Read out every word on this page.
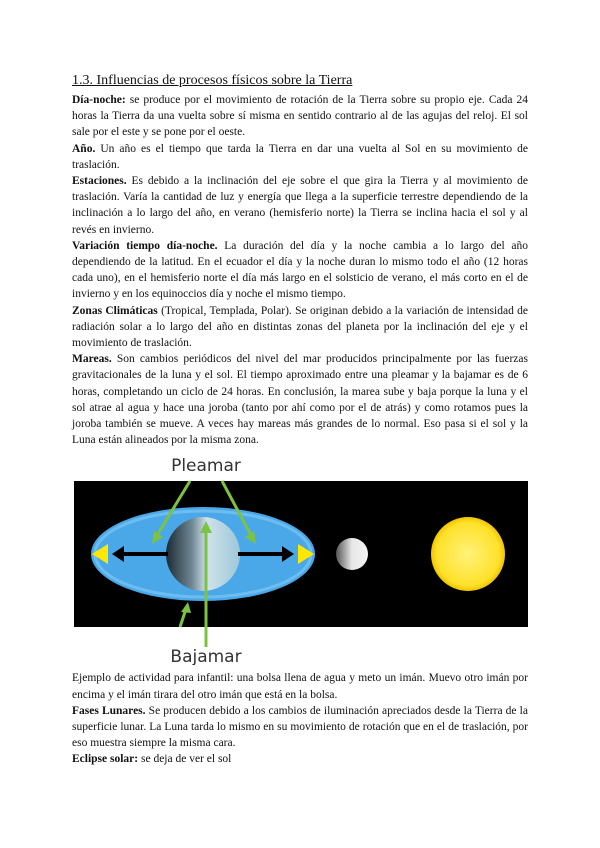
1.3. Influencias de procesos físicos sobre la Tierra

Día-noche: se produce por el movimiento de rotación de la Tierra sobre su propio eje. Cada 24 horas la Tierra da una vuelta sobre sí misma en sentido contrario al de las agujas del reloj. El sol sale por el este y se pone por el oeste.

Año. Un año es el tiempo que tarda la Tierra en dar una vuelta al Sol en su movimiento de traslación.

Estaciones. Es debido a la inclinación del eje sobre el que gira la Tierra y al movimiento de traslación. Varía la cantidad de luz y energía que llega a la superficie terrestre dependiendo de la inclinación a lo largo del año, en verano (hemisferio norte) la Tierra se inclina hacia el sol y al revés en invierno.

Variación tiempo día-noche. La duración del día y la noche cambia a lo largo del año dependiendo de la latitud. En el ecuador el día y la noche duran lo mismo todo el año (12 horas cada uno), en el hemisferio norte el día más largo en el solsticio de verano, el más corto en el de invierno y en los equinoccios día y noche el mismo tiempo.

Zonas Climáticas (Tropical, Templada, Polar). Se originan debido a la variación de intensidad de radiación solar a lo largo del año en distintas zonas del planeta por la inclinación del eje y el movimiento de traslación.

Mareas. Son cambios periódicos del nivel del mar producidos principalmente por las fuerzas gravitacionales de la luna y el sol. El tiempo aproximado entre una pleamar y la bajamar es de 6 horas, completando un ciclo de 24 horas. En conclusión, la marea sube y baja porque la luna y el sol atrae al agua y hace una joroba (tanto por ahí como por el de atrás) y como rotamos pues la joroba también se mueve. A veces hay mareas más grandes de lo normal. Eso pasa si el sol y la Luna están alineados por la misma zona.

Pleamar
Bajamar

Ejemplo de actividad para infantil: una bolsa llena de agua y meto un imán. Muevo otro imán por encima y el imán tirara del otro imán que está en la bolsa.

Fases Lunares. Se producen debido a los cambios de iluminación apreciados desde la Tierra de la superficie lunar. La Luna tarda lo mismo en su movimiento de rotación que en el de traslación, por eso muestra siempre la misma cara.

Eclipse solar: se deja de ver el sol
